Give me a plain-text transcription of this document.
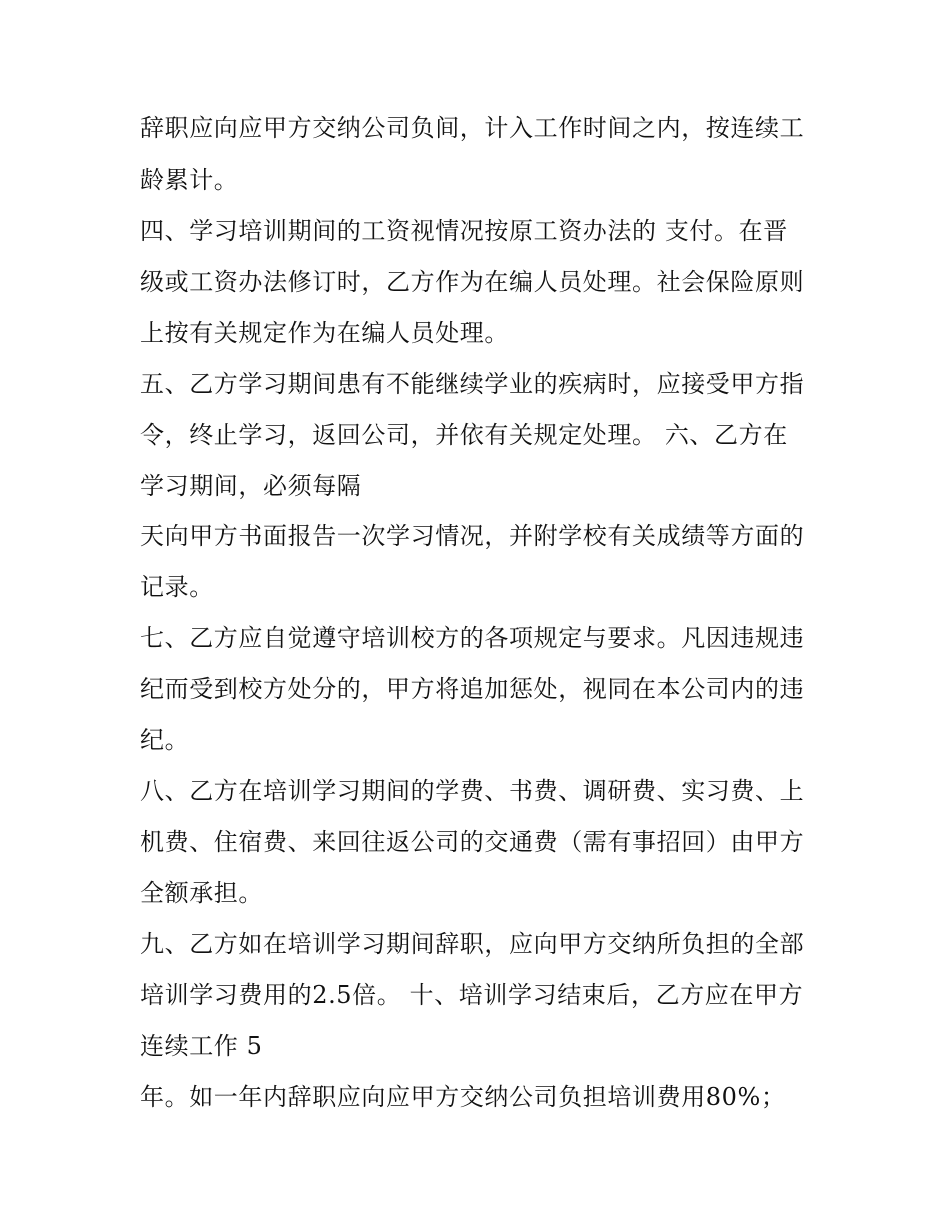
辞职应向应甲方交纳公司负间，计入工作时间之内，按连续工
龄累计。
四、学习培训期间的工资视情况按原工资办法的 支付。在晋
级或工资办法修订时，乙方作为在编人员处理。社会保险原则
上按有关规定作为在编人员处理。
五、乙方学习期间患有不能继续学业的疾病时，应接受甲方指
令，终止学习，返回公司，并依有关规定处理。 六、乙方在
学习期间，必须每隔
天向甲方书面报告一次学习情况，并附学校有关成绩等方面的
记录。
七、乙方应自觉遵守培训校方的各项规定与要求。凡因违规违
纪而受到校方处分的，甲方将追加惩处，视同在本公司内的违
纪。
八、乙方在培训学习期间的学费、书费、调研费、实习费、上
机费、住宿费、来回往返公司的交通费（需有事招回）由甲方
全额承担。
九、乙方如在培训学习期间辞职，应向甲方交纳所负担的全部
培训学习费用的2.5倍。 十、培训学习结束后，乙方应在甲方
连续工作 5
年。如一年内辞职应向应甲方交纳公司负担培训费用80%；
